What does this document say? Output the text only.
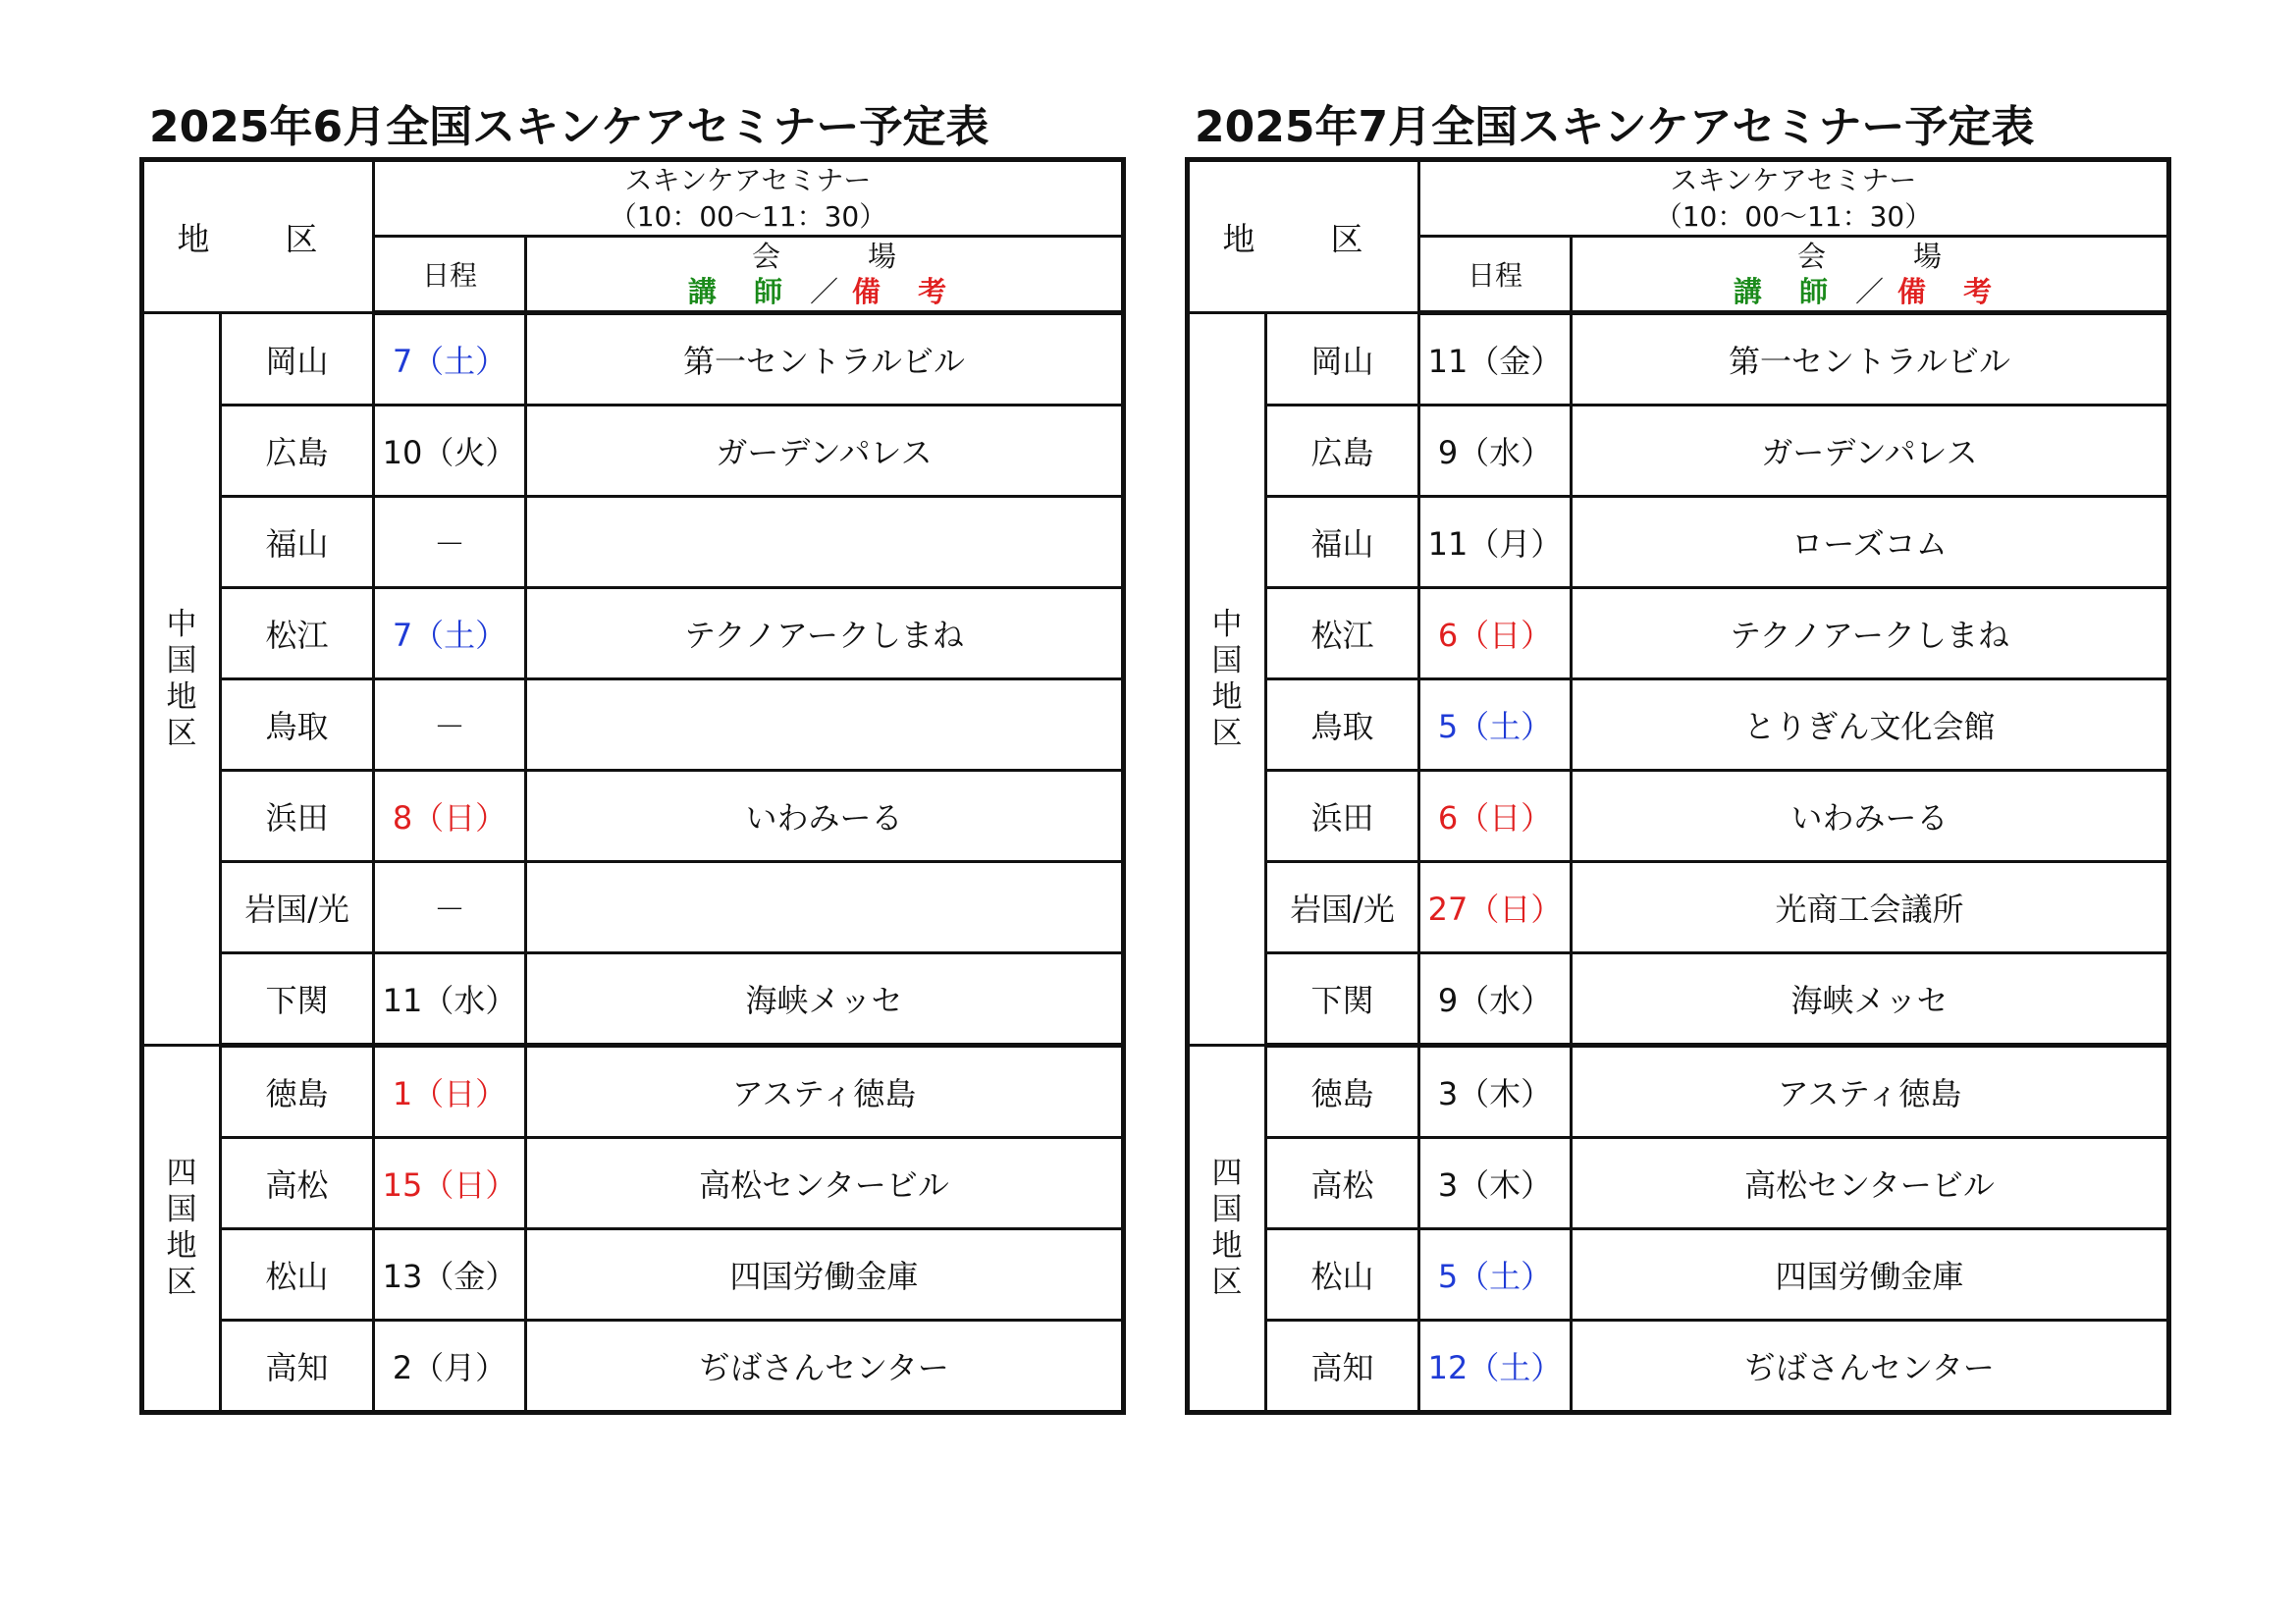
2025年6月全国スキンケアセミナー予定表
地　区		スキンケアセミナー
（10：00～11：30）	

		日程	会　場
講 師 ／ 備 考

中
国
地
区	岡山	7（土）	第一セントラルビル
	広島	10（火）	ガーデンパレス
	福山	－	
	松江	7（土）	テクノアークしまね
	鳥取	－	
	浜田	8（日）	いわみーる
	岩国/光	－	
	下関	11（水）	海峡メッセ

四
国
地
区	徳島	1（日）	アスティ徳島
	高松	15（日）	高松センタービル
	松山	13（金）	四国労働金庫
	高知	2（月）	ぢばさんセンター
2025年7月全国スキンケアセミナー予定表
地　区		スキンケアセミナー
（10：00～11：30）	

		日程	会　場
講 師 ／ 備 考

中
国
地
区	岡山	11（金）	第一セントラルビル
	広島	9（水）	ガーデンパレス
	福山	11（月）	ローズコム
	松江	6（日）	テクノアークしまね
	鳥取	5（土）	とりぎん文化会館
	浜田	6（日）	いわみーる
	岩国/光	27（日）	光商工会議所
	下関	9（水）	海峡メッセ

四
国
地
区	徳島	3（木）	アスティ徳島
	高松	3（木）	高松センタービル
	松山	5（土）	四国労働金庫
	高知	12（土）	ぢばさんセンター
